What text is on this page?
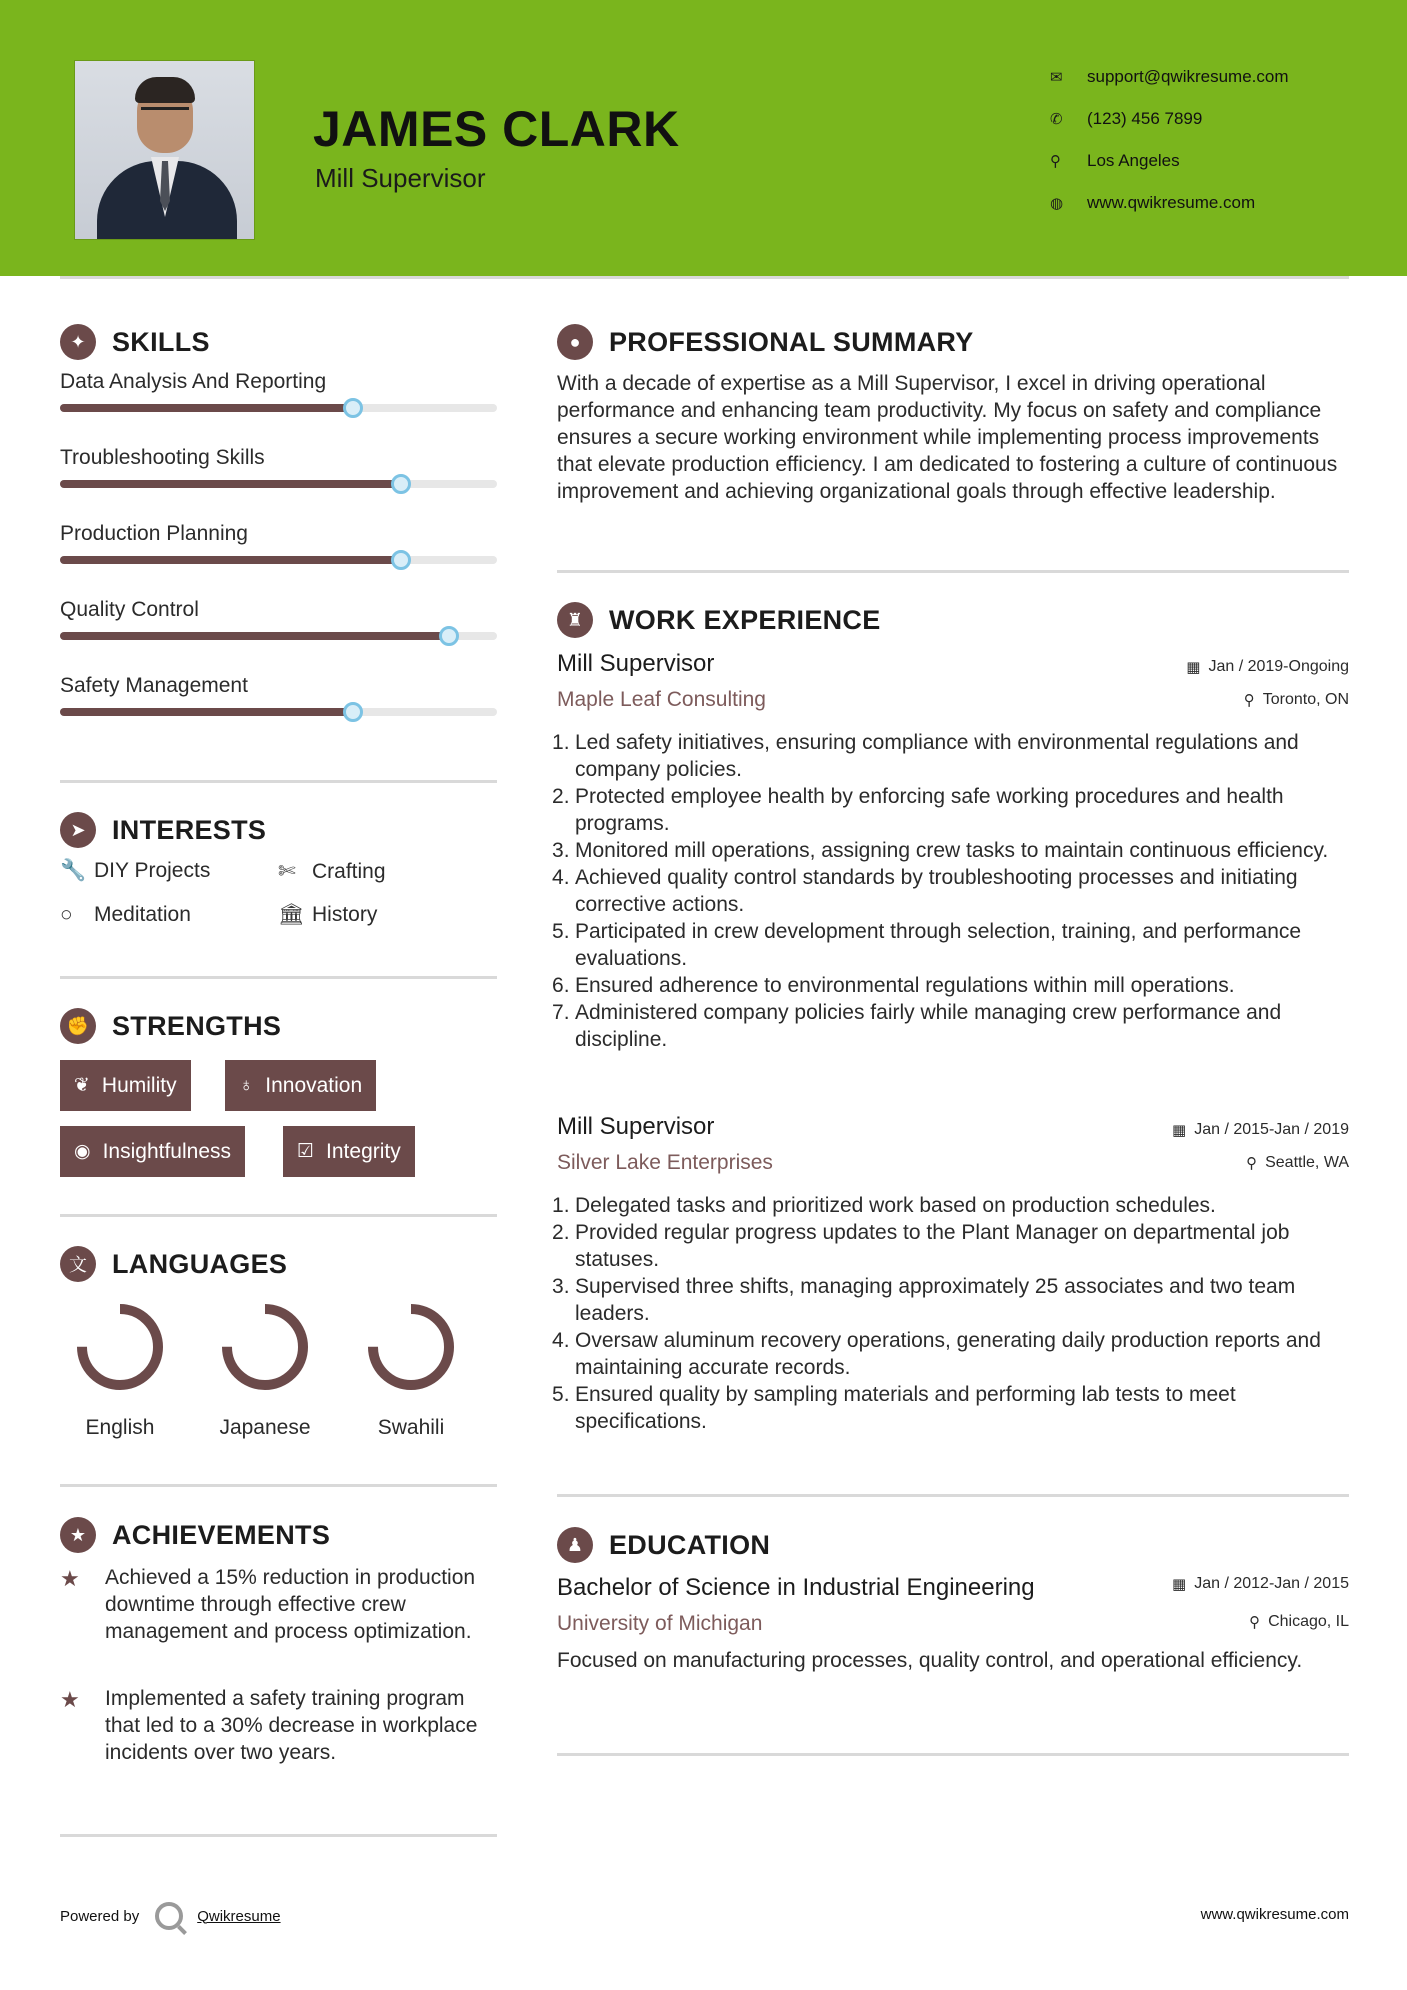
JAMES CLARK
Mill Supervisor
✉	support@qwikresume.com
✆	(123) 456 7899
⚲	Los Angeles
◍	www.qwikresume.com
✦ SKILLS
Data Analysis And Reporting
Troubleshooting Skills
Production Planning
Quality Control
Safety Management
➤ INTERESTS
🔧 DIY Projects	✄ Crafting
○	Meditation	🏛 History
✊ STRENGTHS
❦ Humility	♁ Innovation
◉ Insightfulness	☑ Integrity
文 LANGUAGES
English	Japanese	Swahili
★ ACHIEVEMENTS
★	Achieved a 15% reduction in production downtime through effective crew management and process optimization.
★	Implemented a safety training program that led to a 30% decrease in workplace incidents over two years.
●	PROFESSIONAL SUMMARY
With a decade of expertise as a Mill Supervisor, I excel in driving operational performance and enhancing team productivity. My focus on safety and compliance ensures a secure working environment while implementing process improvements that elevate production efficiency. I am dedicated to fostering a culture of continuous improvement and achieving organizational goals through effective leadership.
♜ WORK EXPERIENCE
Mill Supervisor	▦ Jan / 2019-Ongoing
Maple Leaf Consulting	⚲ Toronto, ON
Led safety initiatives, ensuring compliance with environmental regulations and company policies.
Protected employee health by enforcing safe working procedures and health programs.
Monitored mill operations, assigning crew tasks to maintain continuous efficiency.
Achieved quality control standards by troubleshooting processes and initiating corrective actions.
Participated in crew development through selection, training, and performance evaluations.
Ensured adherence to environmental regulations within mill operations.
Administered company policies fairly while managing crew performance and discipline.
Mill Supervisor	▦ Jan / 2015-Jan / 2019
Silver Lake Enterprises	⚲ Seattle, WA
Delegated tasks and prioritized work based on production schedules.
Provided regular progress updates to the Plant Manager on departmental job statuses.
Supervised three shifts, managing approximately 25 associates and two team leaders.
Oversaw aluminum recovery operations, generating daily production reports and maintaining accurate records.
Ensured quality by sampling materials and performing lab tests to meet specifications.
♟ EDUCATION
Bachelor of Science in Industrial Engineering	▦ Jan / 2012-Jan / 2015
University of Michigan	⚲ Chicago, IL
Focused on manufacturing processes, quality control, and operational efficiency.
Powered by	Qwikresume	www.qwikresume.com
